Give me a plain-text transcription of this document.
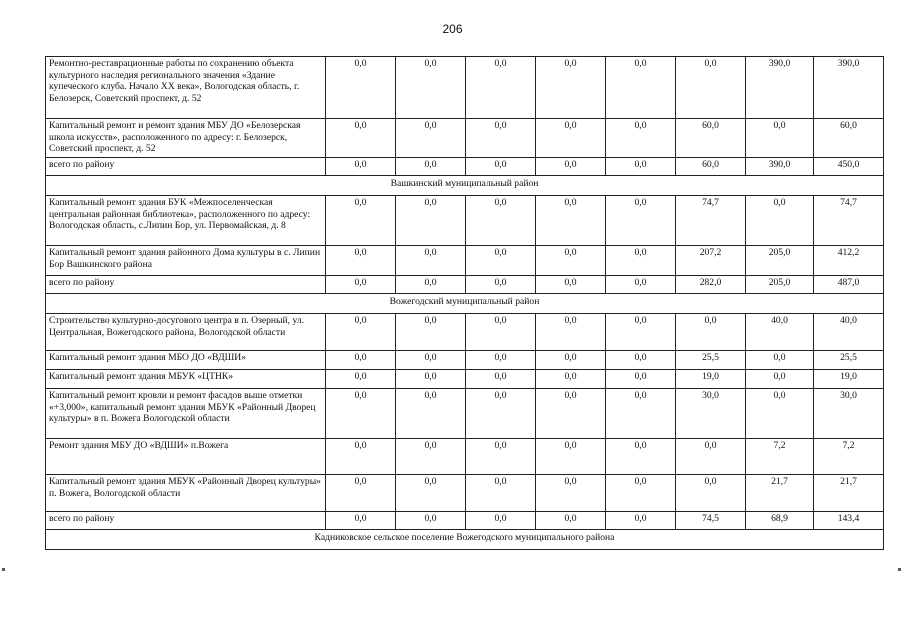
206
Ремонтно-реставрационные работы по сохранению объекта культурного наследия регионального значения «Здание купеческого клуба. Начало XX века», Вологодская область, г. Белозерск, Советский проспект, д. 52	0,0	0,0	0,0	0,0	0,0	0,0	390,0	390,0	
Капитальный ремонт и ремонт здания МБУ ДО «Белозерская школа искусств», расположенного по адресу: г. Белозерск, Советский проспект, д. 52	0,0	0,0	0,0	0,0	0,0	60,0	0,0	60,0	
всего по району	0,0	0,0	0,0	0,0	0,0	60,0	390,0	450,0	
Вашкинский муниципальный район									
Капитальный ремонт здания БУК «Межпоселенческая центральная районная библиотека», расположенного по адресу: Вологодская область, с.Липин Бор, ул. Первомайская, д. 8	0,0	0,0	0,0	0,0	0,0	74,7	0,0	74,7	
Капитальный ремонт здания районного Дома культуры в с. Липин Бор Вашкинского района	0,0	0,0	0,0	0,0	0,0	207,2	205,0	412,2	
всего по району	0,0	0,0	0,0	0,0	0,0	282,0	205,0	487,0	
Вожегодский муниципальный район									
Строительство культурно-досугового центра в п. Озерный, ул. Центральная, Вожегодского района, Вологодской области	0,0	0,0	0,0	0,0	0,0	0,0	40,0	40,0	
Капитальный ремонт здания МБО ДО «ВДШИ»	0,0	0,0	0,0	0,0	0,0	25,5	0,0	25,5	
Капитальный ремонт здания МБУК «ЦТНК»	0,0	0,0	0,0	0,0	0,0	19,0	0,0	19,0	
Капитальный ремонт кровли и ремонт фасадов выше отметки «+3,000», капитальный ремонт здания МБУК «Районный Дворец культуры» в п. Вожега Вологодской области	0,0	0,0	0,0	0,0	0,0	30,0	0,0	30,0	
Ремонт здания МБУ ДО «ВДШИ» п.Вожега	0,0	0,0	0,0	0,0	0,0	0,0	7,2	7,2	
Капитальный ремонт здания МБУК «Районный Дворец культуры» п. Вожега, Вологодской области	0,0	0,0	0,0	0,0	0,0	0,0	21,7	21,7	
всего по району	0,0	0,0	0,0	0,0	0,0	74,5	68,9	143,4	
Кадниковское сельское поселение Вожегодского муниципального района									
